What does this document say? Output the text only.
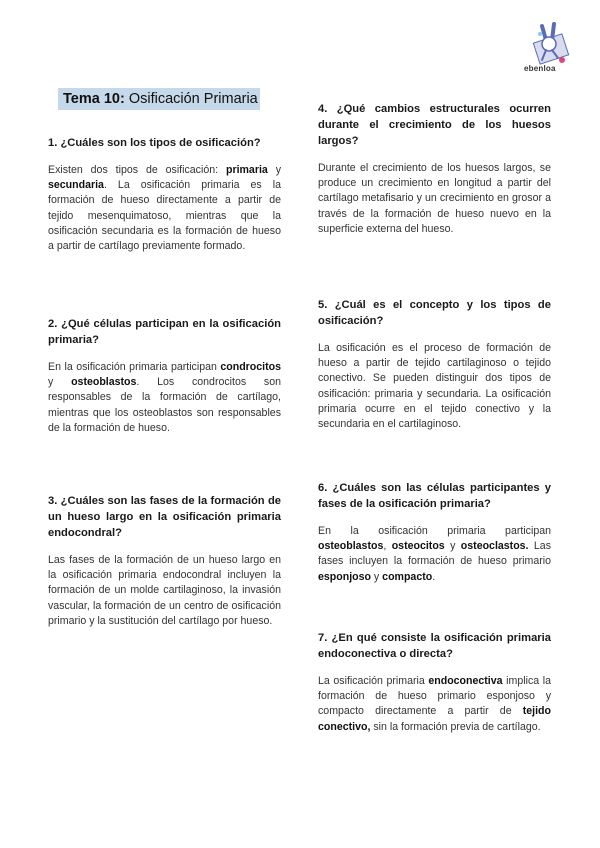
ebenloa
Tema 10: Osificación Primaria

1. ¿Cuáles son los tipos de osificación?

Existen dos tipos de osificación: primaria y secundaria. La osificación primaria es la formación de hueso directamente a partir de tejido mesenquimatoso, mientras que la osificación secundaria es la formación de hueso a partir de cartílago previamente formado.

2. ¿Qué células participan en la osificación primaria?

En la osificación primaria participan condrocitos y osteoblastos. Los condrocitos son responsables de la formación de cartílago, mientras que los osteoblastos son responsables de la formación de hueso.

3. ¿Cuáles son las fases de la formación de un hueso largo en la osificación primaria endocondral?

Las fases de la formación de un hueso largo en la osificación primaria endocondral incluyen la formación de un molde cartilaginoso, la invasión vascular, la formación de un centro de osificación primario y la sustitución del cartílago por hueso.

4. ¿Qué cambios estructurales ocurren durante el crecimiento de los huesos largos?

Durante el crecimiento de los huesos largos, se produce un crecimiento en longitud a partir del cartílago metafisario y un crecimiento en grosor a través de la formación de hueso nuevo en la superficie externa del hueso.

5. ¿Cuál es el concepto y los tipos de osificación?

La osificación es el proceso de formación de hueso a partir de tejido cartilaginoso o tejido conectivo. Se pueden distinguir dos tipos de osificación: primaria y secundaria. La osificación primaria ocurre en el tejido conectivo y la secundaria en el cartilaginoso.

6. ¿Cuáles son las células participantes y fases de la osificación primaria?

En la osificación primaria participan osteoblastos, osteocitos y osteoclastos. Las fases incluyen la formación de hueso primario esponjoso y compacto.

7. ¿En qué consiste la osificación primaria endoconectiva o directa?

La osificación primaria endoconectiva implica la formación de hueso primario esponjoso y compacto directamente a partir de tejido conectivo, sin la formación previa de cartílago.
